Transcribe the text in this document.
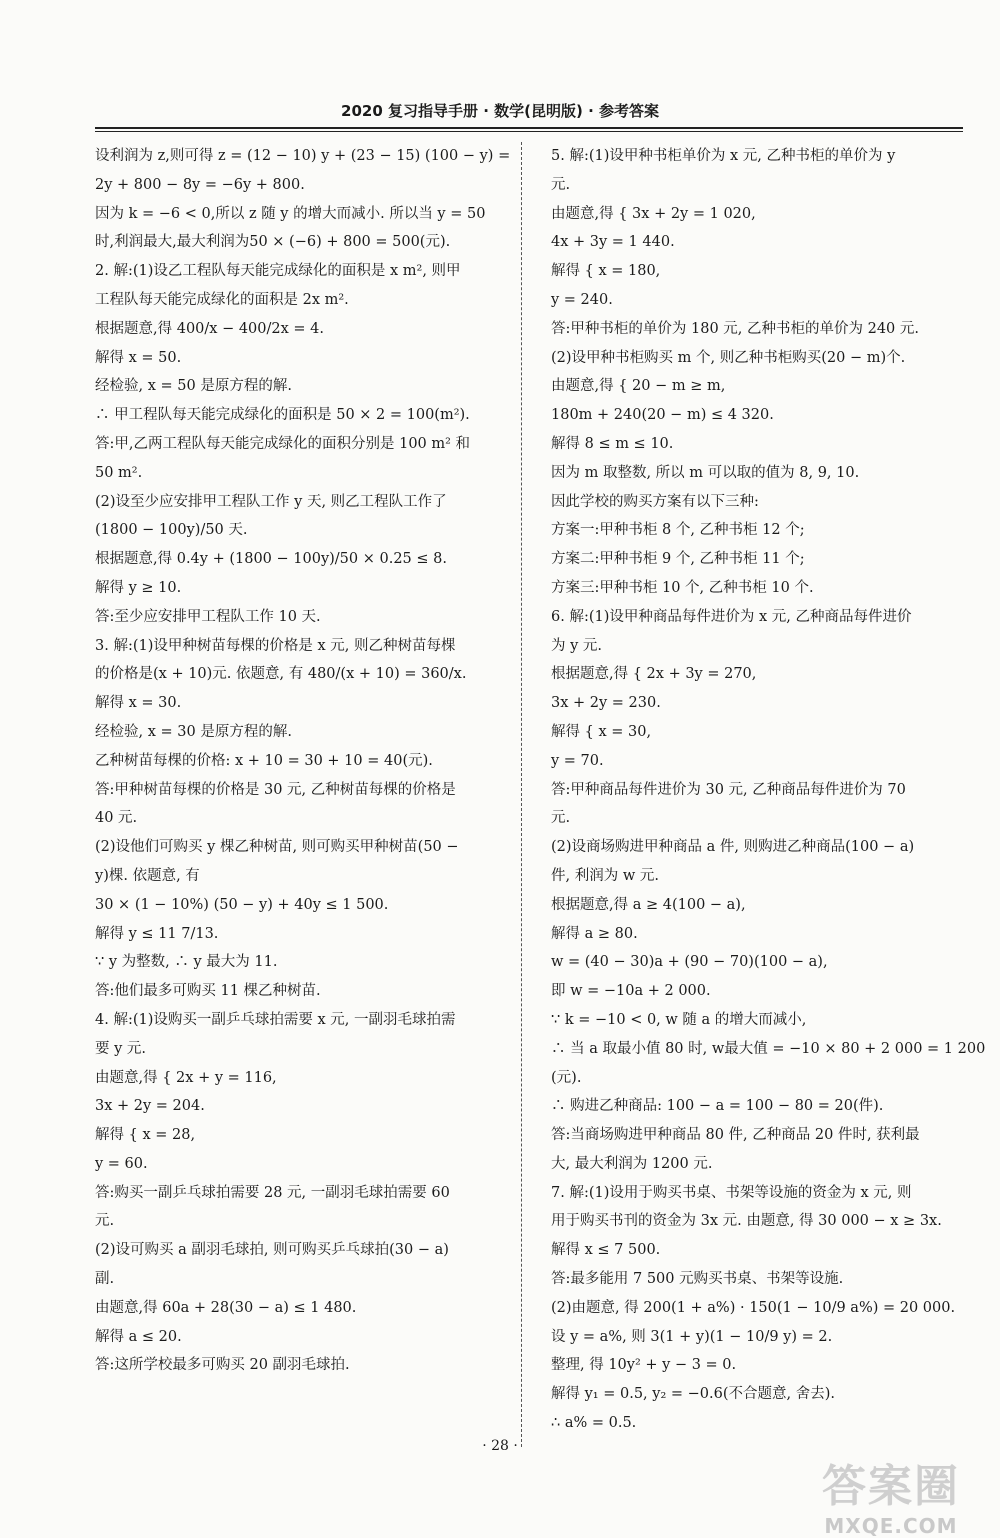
2020 复习指导手册 · 数学(昆明版) · 参考答案
设利润为 z,则可得 z = (12 − 10) y + (23 − 15) (100 − y) =
2y + 800 − 8y = −6y + 800.
因为 k = −6 < 0,所以 z 随 y 的增大而减小. 所以当 y = 50
时,利润最大,最大利润为50 × (−6) + 800 = 500(元).
2. 解:(1)设乙工程队每天能完成绿化的面积是 x m², 则甲
工程队每天能完成绿化的面积是 2x m².
根据题意,得 400/x − 400/2x = 4.
解得 x = 50.
经检验, x = 50 是原方程的解.
∴ 甲工程队每天能完成绿化的面积是 50 × 2 = 100(m²).
答:甲,乙两工程队每天能完成绿化的面积分别是 100 m² 和
50 m².
(2)设至少应安排甲工程队工作 y 天, 则乙工程队工作了
(1800 − 100y)/50 天.
根据题意,得 0.4y + (1800 − 100y)/50 × 0.25 ≤ 8.
解得 y ≥ 10.
答:至少应安排甲工程队工作 10 天.
3. 解:(1)设甲种树苗每棵的价格是 x 元, 则乙种树苗每棵
的价格是(x + 10)元. 依题意, 有 480/(x + 10) = 360/x.
解得 x = 30.
经检验, x = 30 是原方程的解.
乙种树苗每棵的价格: x + 10 = 30 + 10 = 40(元).
答:甲种树苗每棵的价格是 30 元, 乙种树苗每棵的价格是
40 元.
(2)设他们可购买 y 棵乙种树苗, 则可购买甲种树苗(50 −
y)棵. 依题意, 有
30 × (1 − 10%) (50 − y) + 40y ≤ 1 500.
解得 y ≤ 11 7/13.
∵ y 为整数, ∴ y 最大为 11.
答:他们最多可购买 11 棵乙种树苗.
4. 解:(1)设购买一副乒乓球拍需要 x 元, 一副羽毛球拍需
要 y 元.
由题意,得 { 2x + y = 116,
3x + 2y = 204.
解得 { x = 28,
y = 60.
答:购买一副乒乓球拍需要 28 元, 一副羽毛球拍需要 60
元.
(2)设可购买 a 副羽毛球拍, 则可购买乒乓球拍(30 − a)
副.
由题意,得 60a + 28(30 − a) ≤ 1 480.
解得 a ≤ 20.
答:这所学校最多可购买 20 副羽毛球拍.
5. 解:(1)设甲种书柜单价为 x 元, 乙种书柜的单价为 y
元.
由题意,得 { 3x + 2y = 1 020,
4x + 3y = 1 440.
解得 { x = 180,
y = 240.
答:甲种书柜的单价为 180 元, 乙种书柜的单价为 240 元.
(2)设甲种书柜购买 m 个, 则乙种书柜购买(20 − m)个.
由题意,得 { 20 − m ≥ m,
180m + 240(20 − m) ≤ 4 320.
解得 8 ≤ m ≤ 10.
因为 m 取整数, 所以 m 可以取的值为 8, 9, 10.
因此学校的购买方案有以下三种:
方案一:甲种书柜 8 个, 乙种书柜 12 个;
方案二:甲种书柜 9 个, 乙种书柜 11 个;
方案三:甲种书柜 10 个, 乙种书柜 10 个.
6. 解:(1)设甲种商品每件进价为 x 元, 乙种商品每件进价
为 y 元.
根据题意,得 { 2x + 3y = 270,
3x + 2y = 230.
解得 { x = 30,
y = 70.
答:甲种商品每件进价为 30 元, 乙种商品每件进价为 70
元.
(2)设商场购进甲种商品 a 件, 则购进乙种商品(100 − a)
件, 利润为 w 元.
根据题意,得 a ≥ 4(100 − a),
解得 a ≥ 80.
w = (40 − 30)a + (90 − 70)(100 − a),
即 w = −10a + 2 000.
∵ k = −10 < 0, w 随 a 的增大而减小,
∴ 当 a 取最小值 80 时, w最大值 = −10 × 80 + 2 000 = 1 200
(元).
∴ 购进乙种商品: 100 − a = 100 − 80 = 20(件).
答:当商场购进甲种商品 80 件, 乙种商品 20 件时, 获利最
大, 最大利润为 1200 元.
7. 解:(1)设用于购买书桌、书架等设施的资金为 x 元, 则
用于购买书刊的资金为 3x 元. 由题意, 得 30 000 − x ≥ 3x.
解得 x ≤ 7 500.
答:最多能用 7 500 元购买书桌、书架等设施.
(2)由题意, 得 200(1 + a%) · 150(1 − 10/9 a%) = 20 000.
设 y = a%, 则 3(1 + y)(1 − 10/9 y) = 2.
整理, 得 10y² + y − 3 = 0.
解得 y₁ = 0.5, y₂ = −0.6(不合题意, 舍去).
∴ a% = 0.5.
· 28 ·
答案圈
MXQE.COM
